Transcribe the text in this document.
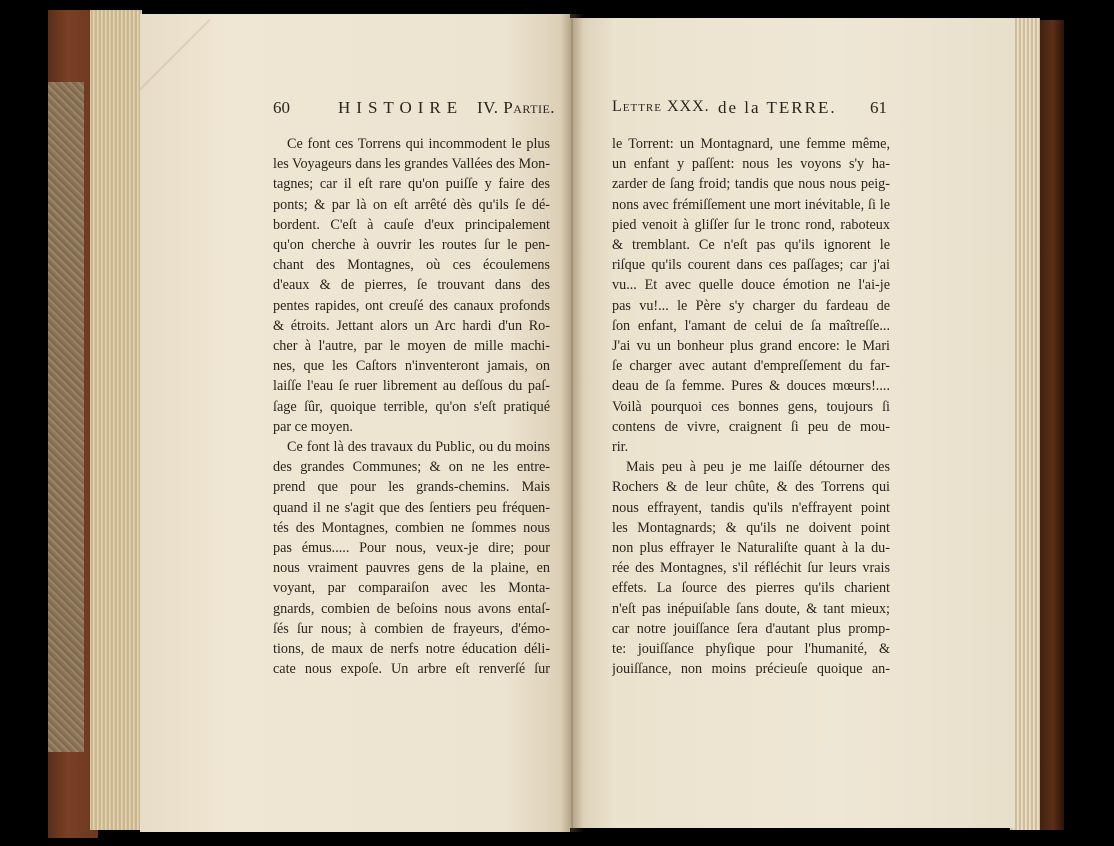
60	HISTOIRE IV. Partie.
Ce font ces Torrens qui incommodent le plus
les Voyageurs dans les grandes Vallées des Mon-
tagnes; car il eſt rare qu'on puiſſe y faire des
ponts; & par là on eſt arrêté dès qu'ils ſe dé-
bordent. C'eſt à cauſe d'eux principalement
qu'on cherche à ouvrir les routes ſur le pen-
chant des Montagnes, où ces écoulemens
d'eaux & de pierres, ſe trouvant dans des
pentes rapides, ont creuſé des canaux profonds
& étroits. Jettant alors un Arc hardi d'un Ro-
cher à l'autre, par le moyen de mille machi-
nes, que les Caſtors n'inventeront jamais, on
laiſſe l'eau ſe ruer librement au deſſous du paſ-
ſage ſûr, quoique terrible, qu'on s'eſt pratiqué
par ce moyen.
Ce font là des travaux du Public, ou du moins
des grandes Communes; & on ne les entre-
prend que pour les grands-chemins. Mais
quand il ne s'agit que des ſentiers peu fréquen-
tés des Montagnes, combien ne ſommes nous
pas émus..... Pour nous, veux-je dire; pour
nous vraiment pauvres gens de la plaine, en
voyant, par comparaiſon avec les Monta-
gnards, combien de beſoins nous avons entaſ-
ſés ſur nous; à combien de frayeurs, d'émo-
tions, de maux de nerfs notre éducation déli-
cate nous expoſe. Un arbre eſt renverſé ſur
Lettre XXX. de la TERRE. 61
le Torrent: un Montagnard, une femme même,
un enfant y paſſent: nous les voyons s'y ha-
zarder de ſang froid; tandis que nous nous peig-
nons avec frémiſſement une mort inévitable, ſi le
pied venoit à gliſſer ſur le tronc rond, raboteux
& tremblant. Ce n'eſt pas qu'ils ignorent le
riſque qu'ils courent dans ces paſſages; car j'ai
vu... Et avec quelle douce émotion ne l'ai-je
pas vu!... le Père s'y charger du fardeau de
ſon enfant, l'amant de celui de ſa maîtreſſe...
J'ai vu un bonheur plus grand encore: le Mari
ſe charger avec autant d'empreſſement du far-
deau de ſa femme. Pures & douces mœurs!....
Voilà pourquoi ces bonnes gens, toujours ſi
contens de vivre, craignent ſi peu de mou-
rir.
Mais peu à peu je me laiſſe détourner des
Rochers & de leur chûte, & des Torrens qui
nous effrayent, tandis qu'ils n'effrayent point
les Montagnards; & qu'ils ne doivent point
non plus effrayer le Naturaliſte quant à la du-
rée des Montagnes, s'il réfléchit ſur leurs vrais
effets. La ſource des pierres qu'ils charient
n'eſt pas inépuiſable ſans doute, & tant mieux;
car notre jouiſſance ſera d'autant plus promp-
te: jouiſſance phyſique pour l'humanité, &
jouiſſance, non moins précieuſe quoique an-
